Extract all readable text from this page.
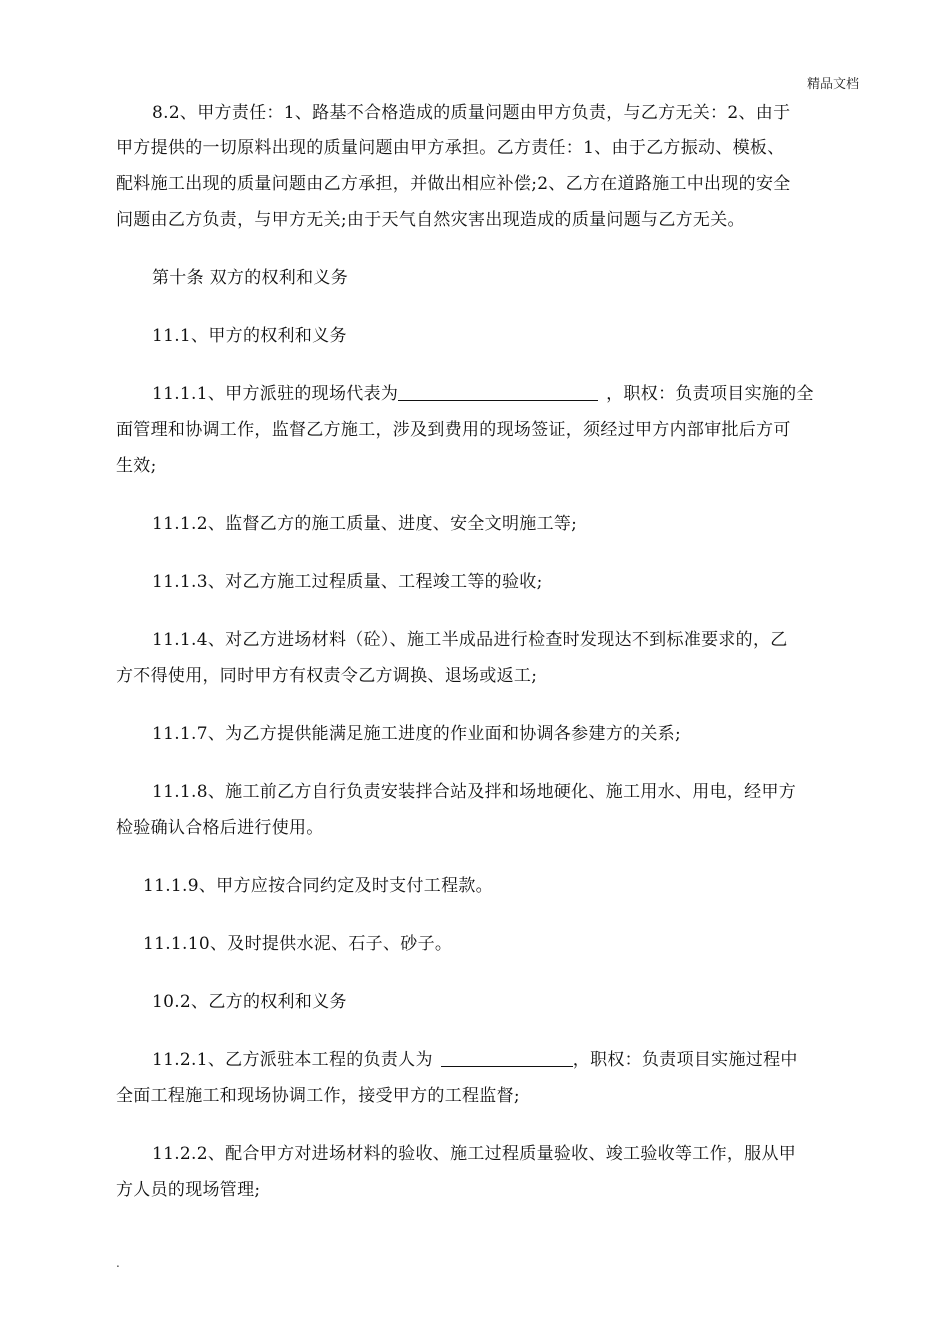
精品文档
8.2、甲方责任：1、路基不合格造成的质量问题由甲方负责，与乙方无关：2、由于
甲方提供的一切原料出现的质量问题由甲方承担。乙方责任：1、由于乙方振动、模板、
配料施工出现的质量问题由乙方承担，并做出相应补偿;2、乙方在道路施工中出现的安全
问题由乙方负责，与甲方无关;由于天气自然灾害出现造成的质量问题与乙方无关。
第十条 双方的权利和义务
11.1、甲方的权利和义务
11.1.1、甲方派驻的现场代表为	，职权：负责项目实施的全
面管理和协调工作，监督乙方施工，涉及到费用的现场签证，须经过甲方内部审批后方可
生效;
11.1.2、监督乙方的施工质量、进度、安全文明施工等;
11.1.3、对乙方施工过程质量、工程竣工等的验收;
11.1.4、对乙方进场材料（砼）、施工半成品进行检查时发现达不到标准要求的，乙
方不得使用，同时甲方有权责令乙方调换、退场或返工;
11.1.7、为乙方提供能满足施工进度的作业面和协调各参建方的关系;
11.1.8、施工前乙方自行负责安装拌合站及拌和场地硬化、施工用水、用电，经甲方
检验确认合格后进行使用。
11.1.9、甲方应按合同约定及时支付工程款。
11.1.10、及时提供水泥、石子、砂子。
10.2、乙方的权利和义务
11.2.1、乙方派驻本工程的负责人为	，职权：负责项目实施过程中
全面工程施工和现场协调工作，接受甲方的工程监督;
11.2.2、配合甲方对进场材料的验收、施工过程质量验收、竣工验收等工作，服从甲
方人员的现场管理;
.
